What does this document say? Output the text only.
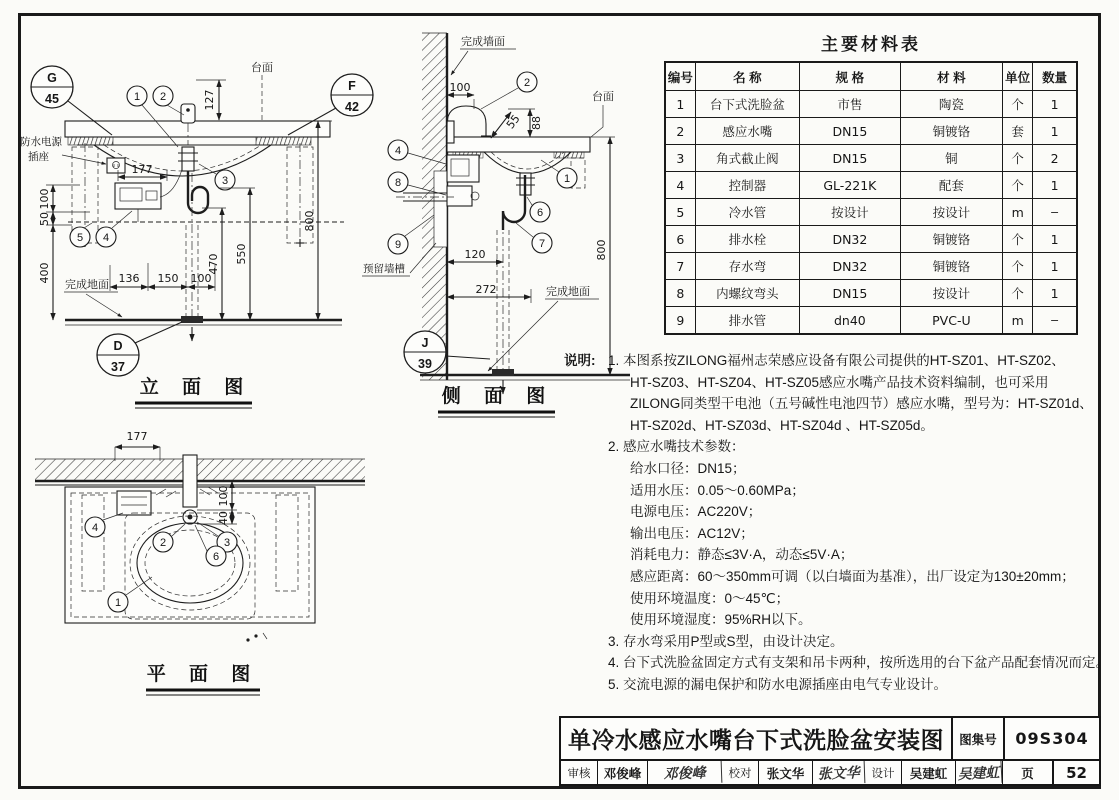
台面
127
G
45
F
42
1 2
防水电源
插座
177
5 4
3
136 150 100
100
50
400	470 550
800
完成地面
D
37
立 面 图
完成墙面
台面
100
55 88
2
1
4
8
9
预留墙槽
6
7
120
272
800
完成地面
J
39
侧 面 图
177
4
2	3
6
1
100
40
平 面 图
主要材料表
编号	名 称	规 格	材 料	单位	数量
1	台下式洗脸盆	市售	陶瓷	个	1
2	感应水嘴	DN15	铜镀铬	套	1
3	角式截止阀	DN15	铜	个	2
4	控制器	GL-221K	配套	个	1
5	冷水管	按设计	按设计	m	–
6	排水栓	DN32	铜镀铬	个	1
7	存水弯	DN32	铜镀铬	个	1
8	内螺纹弯头	DN15	按设计	个	1
9	排水管	dn40	PVC-U	m	–
说明: 1. 本图系按ZILONG福州志荣感应设备有限公司提供的HT-SZ01、HT-SZ02、
HT-SZ03、HT-SZ04、HT-SZ05感应水嘴产品技术资料编制，也可采用
ZILONG同类型干电池（五号碱性电池四节）感应水嘴，型号为：HT-SZ01d、
HT-SZ02d、HT-SZ03d、HT-SZ04d 、HT-SZ05d。
2. 感应水嘴技术参数：
给水口径：DN15；
适用水压：0.05～0.60MPa；
电源电压：AC220V；
输出电压：AC12V；
消耗电力：静态≤3V·A，动态≤5V·A；
感应距离：60～350mm可调（以白墙面为基准），出厂设定为130±20mm；
使用环境温度：0～45℃；
使用环境湿度：95%RH以下。
3. 存水弯采用P型或S型，由设计决定。
4. 台下式洗脸盆固定方式有支架和吊卡两种，按所选用的台下盆产品配套情况而定。
5. 交流电源的漏电保护和防水电源插座由电气专业设计。
单冷水感应水嘴台下式洗脸盆安装图	图集号	09S304
审核	邓俊峰	邓俊峰	校对	张文华 张文华	设计	吴建虹 吴建虹	页	52
